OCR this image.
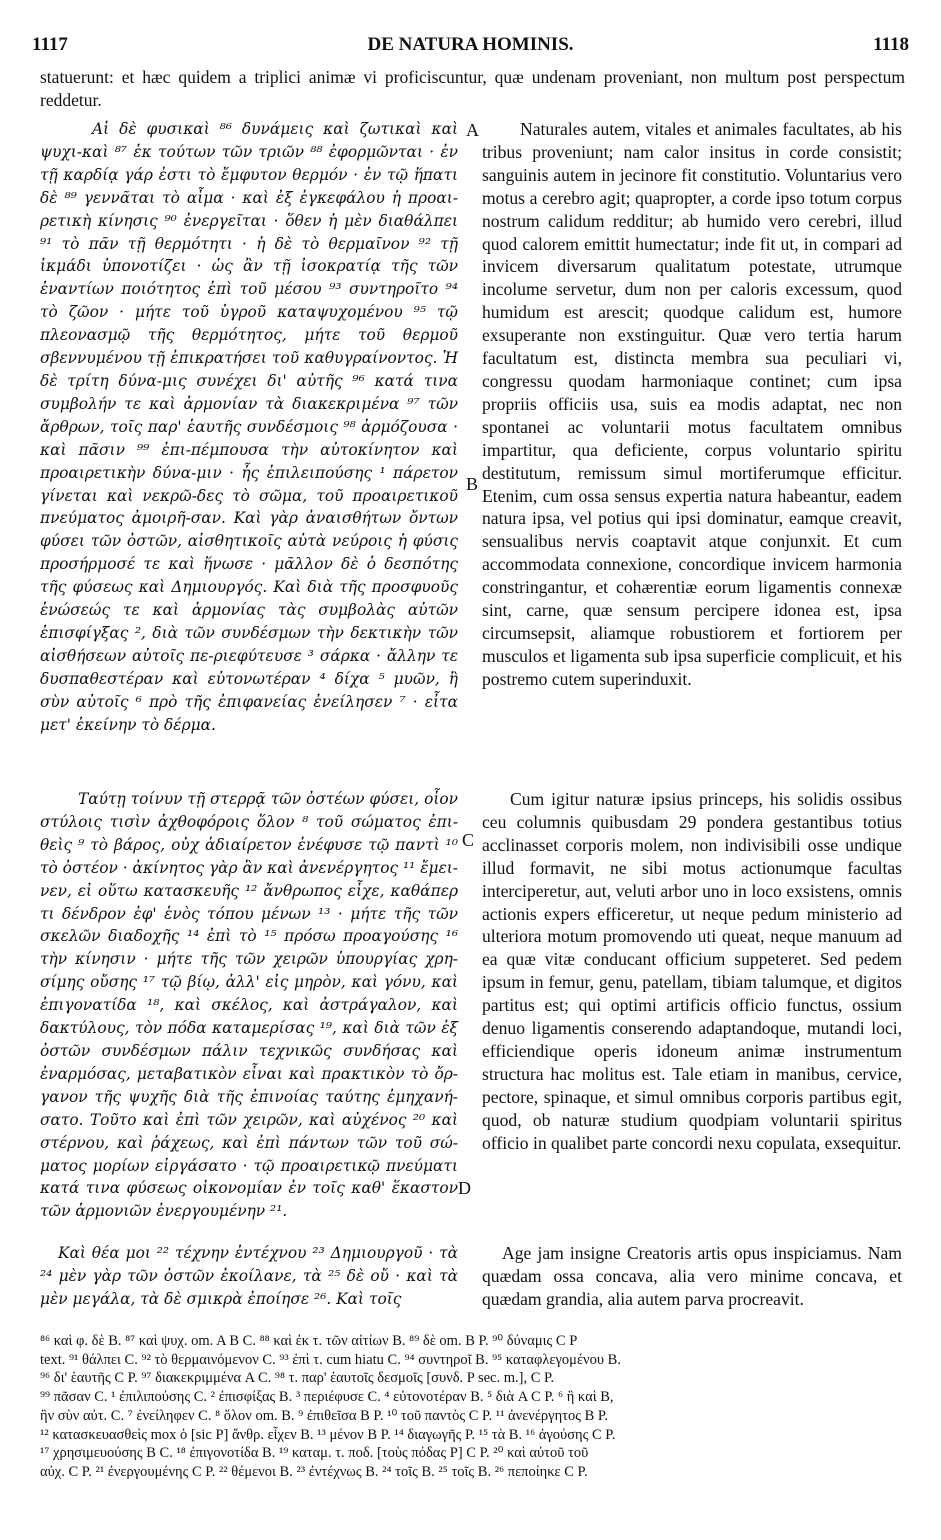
1117	DE NATURA HOMINIS.	1118
statuerunt: et hæc quidem a triplici animæ vi proficiscuntur, quæ undenam proveniant, non multum post perspectum reddetur.

Αἱ δὲ φυσικαὶ ⁸⁶ δυνάμεις καὶ ζωτικαὶ καὶ ψυχι-καὶ ⁸⁷ ἐκ τούτων τῶν τριῶν ⁸⁸ ἐφορμῶνται · ἐν τῇ καρδίᾳ γάρ ἐστι τὸ ἔμφυτον θερμόν · ἐν τῷ ἥπατι δὲ ⁸⁹ γεννᾶται τὸ αἷμα · καὶ ἐξ ἐγκεφάλου ἡ προαι-ρετικὴ κίνησις ⁹⁰ ἐνεργεῖται · ὅθεν ἡ μὲν διαθάλπει ⁹¹ τὸ πᾶν τῇ θερμότητι · ἡ δὲ τὸ θερμαῖνον ⁹² τῇ ἰκμάδι ὑπονοτίζει · ὡς ἂν τῇ ἰσοκρατίᾳ τῆς τῶν ἐναντίων ποιότητος ἐπὶ τοῦ μέσου ⁹³ συντηροῖτο ⁹⁴ τὸ ζῶον · μήτε τοῦ ὑγροῦ καταψυχομένου ⁹⁵ τῷ πλεονασμῷ τῆς θερμότητος, μήτε τοῦ θερμοῦ σβεννυμένου τῇ ἐπικρατήσει τοῦ καθυγραίνοντος. Ἡ δὲ τρίτη δύνα-μις συνέχει δι' αὐτῆς ⁹⁶ κατά τινα συμβολήν τε καὶ ἁρμονίαν τὰ διακεκριμένα ⁹⁷ τῶν ἄρθρων, τοῖς παρ' ἑαυτῆς συνδέσμοις ⁹⁸ ἁρμόζουσα · καὶ πᾶσιν ⁹⁹ ἐπι-πέμπουσα τὴν αὐτοκίνητον καὶ προαιρετικὴν δύνα-μιν · ἧς ἐπιλειπούσης ¹ πάρετον γίνεται καὶ νεκρῶ-δες τὸ σῶμα, τοῦ προαιρετικοῦ πνεύματος ἀμοιρῆ-σαν. Καὶ γὰρ ἀναισθήτων ὄντων φύσει τῶν ὀστῶν, αἰσθητικοῖς αὐτὰ νεύροις ἡ φύσις προσήρμοσέ τε καὶ ἥνωσε · μᾶλλον δὲ ὁ δεσπότης τῆς φύσεως καὶ Δημιουργός. Καὶ διὰ τῆς προσφυοῦς ἑνώσεώς τε καὶ ἁρμονίας τὰς συμβολὰς αὐτῶν ἐπισφίγξας ², διὰ τῶν συνδέσμων τὴν δεκτικὴν τῶν αἰσθήσεων αὐτοῖς πε-ριεφύτευσε ³ σάρκα · ἄλλην τε δυσπαθεστέραν καὶ εὐτονωτέραν ⁴ δίχα ⁵ μυῶν, ἣ σὺν αὐτοῖς ⁶ πρὸ τῆς ἐπιφανείας ἐνείλησεν ⁷ · εἶτα μετ' ἐκείνην τὸ δέρμα.

Naturales autem, vitales et animales facultates, ab his tribus proveniunt; nam calor insitus in corde consistit; sanguinis autem in jecinore fit constitutio. Voluntarius vero motus a cerebro agit; quapropter, a corde ipso totum corpus nostrum calidum redditur; ab humido vero cerebri, illud quod calorem emittit humectatur; inde fit ut, in compari ad invicem diversarum qualitatum potestate, utrumque incolume servetur, dum non per caloris excessum, quod humidum est arescit; quodque calidum est, humore exsuperante non exstinguitur. Quæ vero tertia harum facultatum est, distincta membra sua peculiari vi, congressu quodam harmoniaque continet; cum ipsa propriis officiis usa, suis ea modis adaptat, nec non spontanei ac voluntarii motus facultatem omnibus impartitur, qua deficiente, corpus voluntario spiritu destitutum, remissum simul mortiferumque efficitur. Etenim, cum ossa sensus expertia natura habeantur, eadem natura ipsa, vel potius qui ipsi dominatur, eamque creavit, sensualibus nervis coaptavit atque conjunxit. Et cum accommodata connexione, concordique invicem harmonia constringantur, et cohærentiæ eorum ligamentis connexæ sint, carne, quæ sensum percipere idonea est, ipsa circumsepsit, aliamque robustiorem et fortiorem per musculos et ligamenta sub ipsa superficie complicuit, et his postremo cutem superinduxit.

Ταύτῃ τοίνυν τῇ στερρᾷ τῶν ὀστέων φύσει, οἷον στύλοις τισὶν ἀχθοφόροις ὅλον ⁸ τοῦ σώματος ἐπι-θεὶς ⁹ τὸ βάρος, οὐχ ἀδιαίρετον ἐνέφυσε τῷ παντὶ ¹⁰ τὸ ὀστέον · ἀκίνητος γὰρ ἂν καὶ ἀνενέργητος ¹¹ ἔμει-νεν, εἰ οὕτω κατασκευῆς ¹² ἄνθρωπος εἶχε, καθάπερ τι δένδρον ἐφ' ἑνὸς τόπου μένων ¹³ · μήτε τῆς τῶν σκελῶν διαδοχῆς ¹⁴ ἐπὶ τὸ ¹⁵ πρόσω προαγούσης ¹⁶ τὴν κίνησιν · μήτε τῆς τῶν χειρῶν ὑπουργίας χρη-σίμης οὔσης ¹⁷ τῷ βίῳ, ἀλλ' εἰς μηρὸν, καὶ γόνυ, καὶ ἐπιγονατίδα ¹⁸, καὶ σκέλος, καὶ ἀστράγαλον, καὶ δακτύλους, τὸν πόδα καταμερίσας ¹⁹, καὶ διὰ τῶν ἐξ ὀστῶν συνδέσμων πάλιν τεχνικῶς συνδήσας καὶ ἐναρμόσας, μεταβατικὸν εἶναι καὶ πρακτικὸν τὸ ὄρ-γανον τῆς ψυχῆς διὰ τῆς ἐπινοίας ταύτης ἐμηχανή-σατο. Τοῦτο καὶ ἐπὶ τῶν χειρῶν, καὶ αὐχένος ²⁰ καὶ στέρνου, καὶ ῥάχεως, καὶ ἐπὶ πάντων τῶν τοῦ σώ-ματος μορίων εἰργάσατο · τῷ προαιρετικῷ πνεύματι κατά τινα φύσεως οἰκονομίαν ἐν τοῖς καθ' ἕκαστον τῶν ἁρμονιῶν ἐνεργουμένην ²¹.

Cum igitur naturæ ipsius princeps, his solidis ossibus ceu columnis quibusdam 29 pondera gestantibus totius acclinasset corporis molem, non indivisibili osse undique illud formavit, ne sibi motus actionumque facultas interciperetur, aut, veluti arbor uno in loco exsistens, omnis actionis expers efficeretur, ut neque pedum ministerio ad ulteriora motum promovendo uti queat, neque manuum ad ea quæ vitæ conducant officium suppeteret. Sed pedem ipsum in femur, genu, patellam, tibiam talumque, et digitos partitus est; qui optimi artificis officio functus, ossium denuo ligamentis conserendo adaptandoque, mutandi loci, efficiendique operis idoneum animæ instrumentum structura hac molitus est. Tale etiam in manibus, cervice, pectore, spinaque, et simul omnibus corporis partibus egit, quod, ob naturæ studium quodpiam voluntarii spiritus officio in qualibet parte concordi nexu copulata, exsequitur.

Καὶ θέα μοι ²² τέχνην ἐντέχνου ²³ Δημιουργοῦ · τὰ ²⁴ μὲν γὰρ τῶν ὀστῶν ἐκοίλανε, τὰ ²⁵ δὲ οὔ · καὶ τὰ μὲν μεγάλα, τὰ δὲ σμικρὰ ἐποίησε ²⁶. Καὶ τοῖς

Age jam insigne Creatoris artis opus inspiciamus. Nam quædam ossa concava, alia vero minime concava, et quædam grandia, alia autem parva procreavit.

A
B
C
D

⁸⁶ καὶ φ. δὲ B. ⁸⁷ καὶ ψυχ. om. A B C. ⁸⁸ καὶ ἐκ τ. τῶν αἰτίων B. ⁸⁹ δὲ om. B P. ⁹⁰ δύναμις C P

text. ⁹¹ θάλπει C. ⁹² τὸ θερμαινόμενον C. ⁹³ ἐπὶ τ. cum hiatu C. ⁹⁴ συντηροῖ B. ⁹⁵ καταφλεγομένου B.

⁹⁶ δι' ἑαυτῆς C P. ⁹⁷ διακεκριμμένα A C. ⁹⁸ τ. παρ' ἑαυτοῖς δεσμοῖς [συνδ. P sec. m.], C P.

⁹⁹ πᾶσαν C. ¹ ἐπιλιπούσης C. ² ἐπισφίξας B. ³ περιέφυσε C. ⁴ εὐτονοτέραν B. ⁵ διὰ A C P. ⁶ ἣ καὶ B,

ἣν σὺν αὐτ. C. ⁷ ἐνείληφεν C. ⁸ ὅλον om. B. ⁹ ἐπιθεῖσα B P. ¹⁰ τοῦ παντὸς C P. ¹¹ ἀνενέργητος B P.

¹² κατασκευασθεὶς mox ὁ [sic P] ἄνθρ. εἶχεν B. ¹³ μένον B P. ¹⁴ διαγωγῆς P. ¹⁵ τὰ B. ¹⁶ ἀγούσης C P.

¹⁷ χρησιμευούσης B C. ¹⁸ ἐπιγονοτίδα B. ¹⁹ καταμ. τ. ποδ. [τοὺς πόδας P] C P. ²⁰ καὶ αὐτοῦ τοῦ

αὐχ. C P. ²¹ ἐνεργουμένης C P. ²² θέμενοι B. ²³ ἐντέχνως B. ²⁴ τοῖς B. ²⁵ τοῖς B. ²⁶ πεποίηκε C P.
